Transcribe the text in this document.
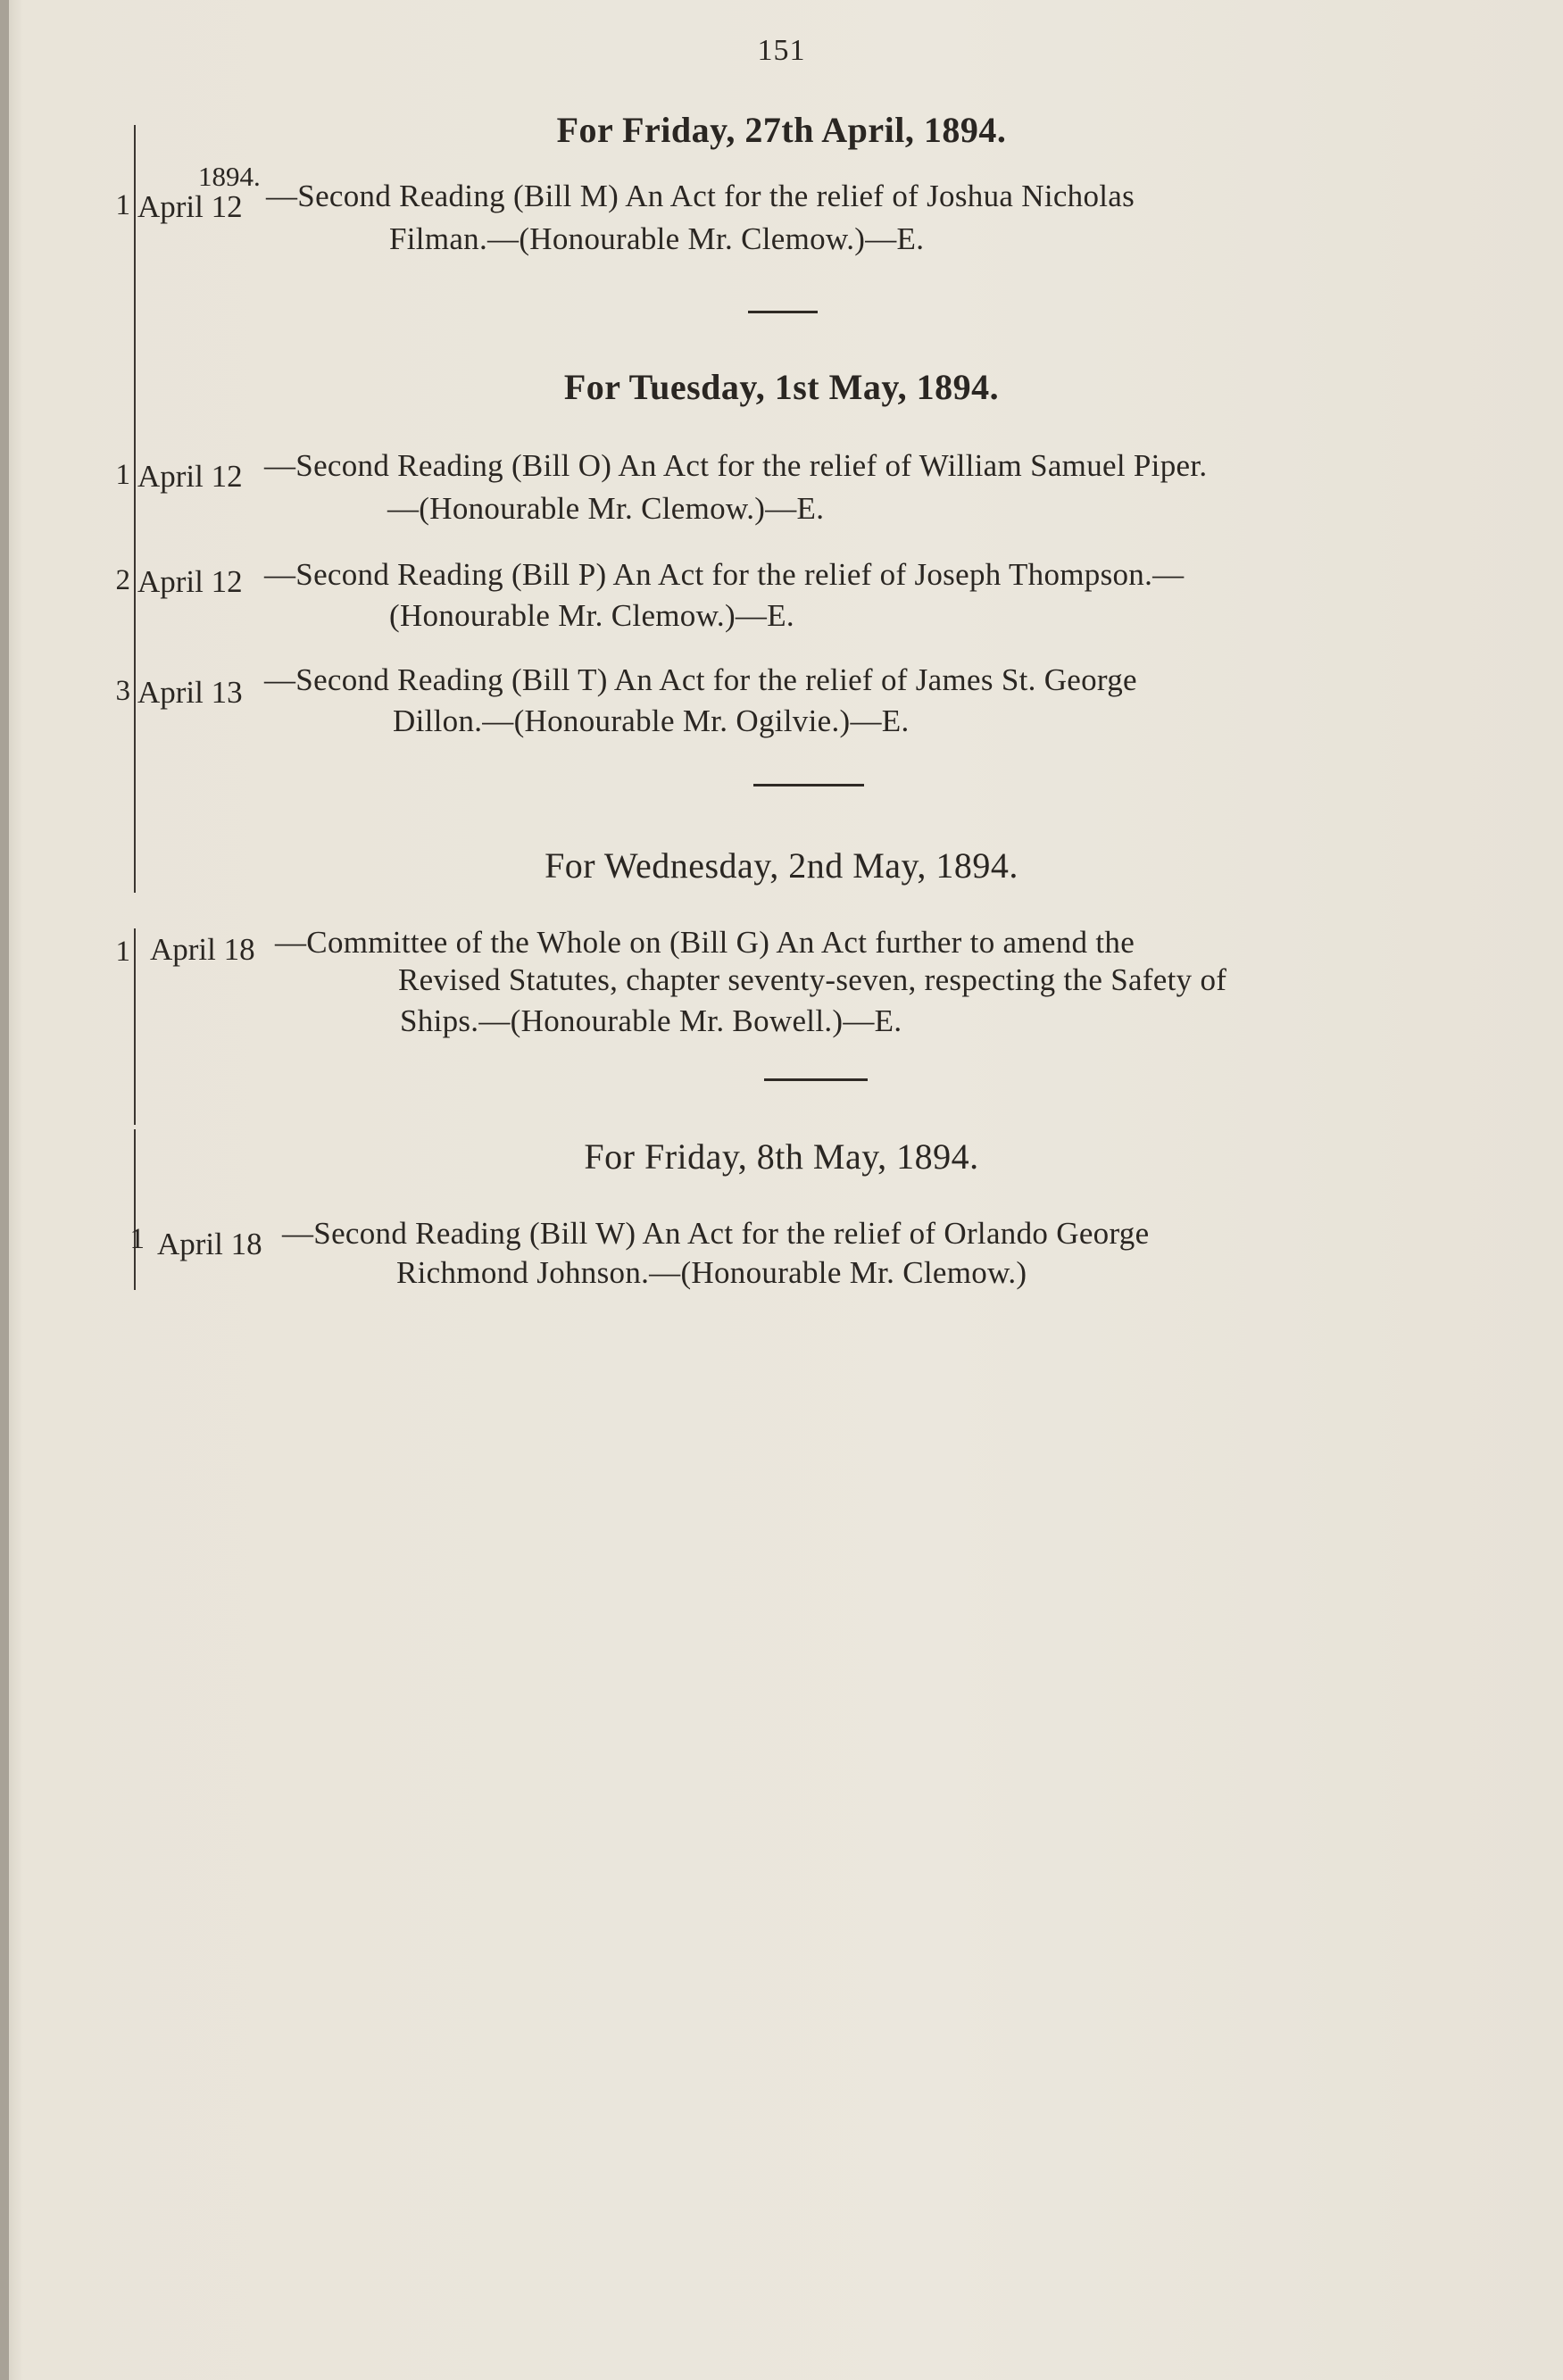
151
For Friday, 27th April, 1894.
1894.
1 April 12 —Second Reading (Bill M) An Act for the relief of Joshua Nicholas
Filman.—(Honourable Mr. Clemow.)—E.
For Tuesday, 1st May, 1894.
1 April 12 —Second Reading (Bill O) An Act for the relief of William Samuel Piper.
—(Honourable Mr. Clemow.)—E.
2 April 12 —Second Reading (Bill P) An Act for the relief of Joseph Thompson.—
(Honourable Mr. Clemow.)—E.
3 April 13 —Second Reading (Bill T) An Act for the relief of James St. George
Dillon.—(Honourable Mr. Ogilvie.)—E.
For Wednesday, 2nd May, 1894.
1 April 18 —Committee of the Whole on (Bill G) An Act further to amend the
Revised Statutes, chapter seventy-seven, respecting the Safety of
Ships.—(Honourable Mr. Bowell.)—E.
For Friday, 8th May, 1894.
1 April 18 —Second Reading (Bill W) An Act for the relief of Orlando George
Richmond Johnson.—(Honourable Mr. Clemow.)
